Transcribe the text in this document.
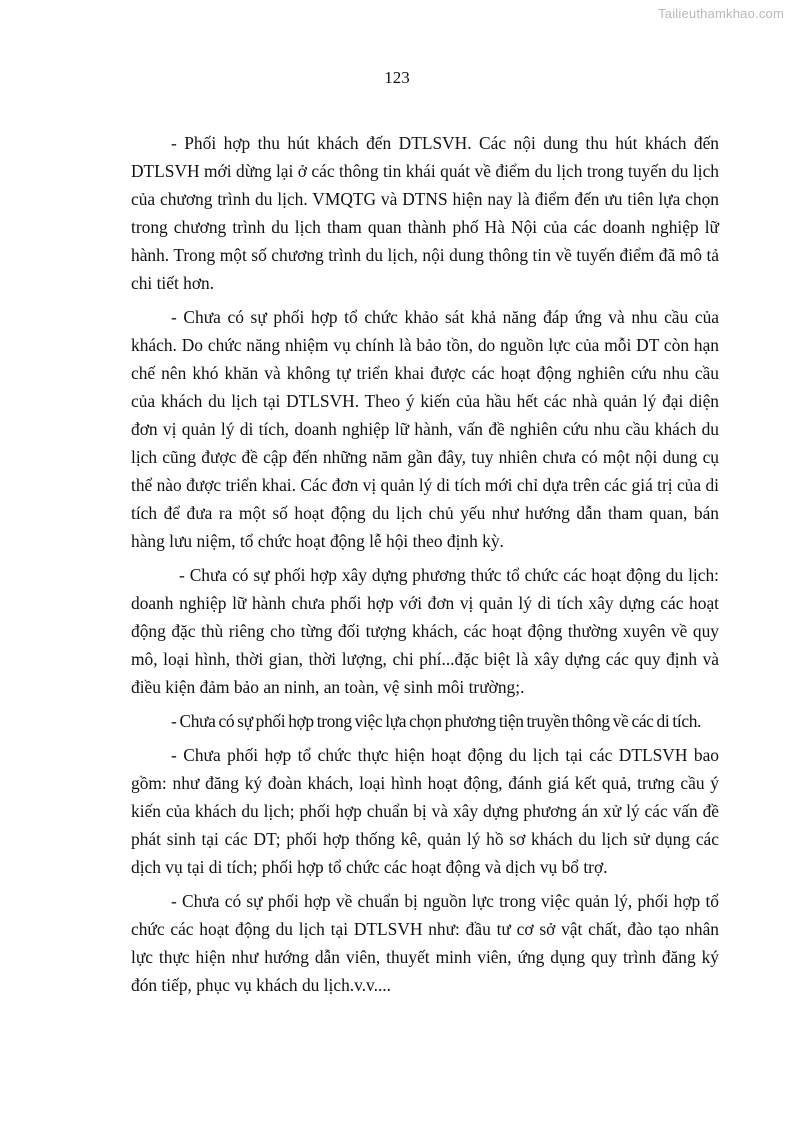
Tailieuthamkhao.com
123

- Phối hợp thu hút khách đến DTLSVH. Các nội dung thu hút khách đến DTLSVH mới dừng lại ở các thông tin khái quát về điểm du lịch trong tuyến du lịch của chương trình du lịch. VMQTG và DTNS hiện nay là điểm đến ưu tiên lựa chọn trong chương trình du lịch tham quan thành phố Hà Nội của các doanh nghiệp lữ hành. Trong một số chương trình du lịch, nội dung thông tin về tuyến điểm đã mô tả chi tiết hơn.

- Chưa có sự phối hợp tổ chức khảo sát khả năng đáp ứng và nhu cầu của khách. Do chức năng nhiệm vụ chính là bảo tồn, do nguồn lực của mỗi DT còn hạn chế nên khó khăn và không tự triển khai được các hoạt động nghiên cứu nhu cầu của khách du lịch tại DTLSVH. Theo ý kiến của hầu hết các nhà quản lý đại diện đơn vị quản lý di tích, doanh nghiệp lữ hành, vấn đề nghiên cứu nhu cầu khách du lịch cũng được đề cập đến những năm gần đây, tuy nhiên chưa có một nội dung cụ thể nào được triển khai. Các đơn vị quản lý di tích mới chỉ dựa trên các giá trị của di tích để đưa ra một số hoạt động du lịch chủ yếu như hướng dẫn tham quan, bán hàng lưu niệm, tổ chức hoạt động lễ hội theo định kỳ.

- Chưa có sự phối hợp xây dựng phương thức tổ chức các hoạt động du lịch: doanh nghiệp lữ hành chưa phối hợp với đơn vị quản lý di tích xây dựng các hoạt động đặc thù riêng cho từng đối tượng khách, các hoạt động thường xuyên về quy mô, loại hình, thời gian, thời lượng, chi phí...đặc biệt là xây dựng các quy định và điều kiện đảm bảo an ninh, an toàn, vệ sinh môi trường;.

- Chưa có sự phối hợp trong việc lựa chọn phương tiện truyền thông về các di tích.

- Chưa phối hợp tổ chức thực hiện hoạt động du lịch tại các DTLSVH bao gồm: như đăng ký đoàn khách, loại hình hoạt động, đánh giá kết quả, trưng cầu ý kiến của khách du lịch; phối hợp chuẩn bị và xây dựng phương án xử lý các vấn đề phát sinh tại các DT; phối hợp thống kê, quản lý hồ sơ khách du lịch sử dụng các dịch vụ tại di tích; phối hợp tổ chức các hoạt động và dịch vụ bổ trợ.

- Chưa có sự phối hợp về chuẩn bị nguồn lực trong việc quản lý, phối hợp tổ chức các hoạt động du lịch tại DTLSVH như: đầu tư cơ sở vật chất, đào tạo nhân lực thực hiện như hướng dẫn viên, thuyết minh viên, ứng dụng quy trình đăng ký đón tiếp, phục vụ khách du lịch.v.v....
